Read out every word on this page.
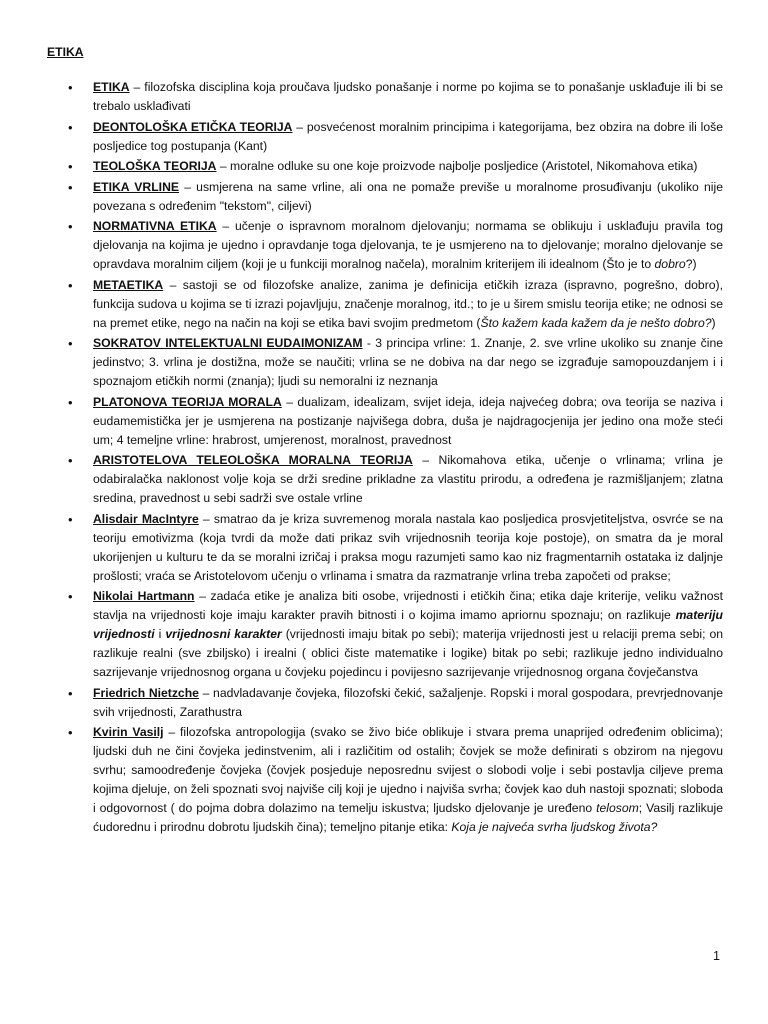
ETIKA
• ETIKA – filozofska disciplina koja proučava ljudsko ponašanje i norme po kojima se to ponašanje usklađuje ili bi se trebalo usklađivati
• DEONTOLOŠKA ETIČKA TEORIJA – posvećenost moralnim principima i kategorijama, bez obzira na dobre ili loše posljedice tog postupanja (Kant)
• TEOLOŠKA TEORIJA – moralne odluke su one koje proizvode najbolje posljedice (Aristotel, Nikomahova etika)
• ETIKA VRLINE – usmjerena na same vrline, ali ona ne pomaže previše u moralnome prosuđivanju (ukoliko nije povezana s određenim "tekstom", ciljevi)
• NORMATIVNA ETIKA – učenje o ispravnom moralnom djelovanju; normama se oblikuju i usklađuju pravila tog djelovanja na kojima je ujedno i opravdanje toga djelovanja, te je usmjereno na to djelovanje; moralno djelovanje se opravdava moralnim ciljem (koji je u funkciji moralnog načela), moralnim kriterijem ili idealnom (Što je to dobro?)
• METAETIKA – sastoji se od filozofske analize, zanima je definicija etičkih izraza (ispravno, pogrešno, dobro), funkcija sudova u kojima se ti izrazi pojavljuju, značenje moralnog, itd.; to je u širem smislu teorija etike; ne odnosi se na premet etike, nego na način na koji se etika bavi svojim predmetom (Što kažem kada kažem da je nešto dobro?)
• SOKRATOV INTELEKTUALNI EUDAIMONIZAM - 3 principa vrline: 1. Znanje, 2. sve vrline ukoliko su znanje čine jedinstvo; 3. vrlina je dostižna, može se naučiti; vrlina se ne dobiva na dar nego se izgrađuje samopouzdanjem i i spoznajom etičkih normi (znanja); ljudi su nemoralni iz neznanja
• PLATONOVA TEORIJA MORALA – dualizam, idealizam, svijet ideja, ideja najvećeg dobra; ova teorija se naziva i eudamemistička jer je usmjerena na postizanje najvišega dobra, duša je najdragocjenija jer jedino ona može steći um; 4 temeljne vrline: hrabrost, umjerenost, moralnost, pravednost
• ARISTOTELOVA TELEOLOŠKA MORALNA TEORIJA – Nikomahova etika, učenje o vrlinama; vrlina je odabiralačka naklonost volje koja se drži sredine prikladne za vlastitu prirodu, a određena je razmišljanjem; zlatna sredina, pravednost u sebi sadrži sve ostale vrline
• Alisdair MacIntyre – smatrao da je kriza suvremenog morala nastala kao posljedica prosvjetiteljstva, osvrće se na teoriju emotivizma (koja tvrdi da može dati prikaz svih vrijednosnih teorija koje postoje), on smatra da je moral ukorijenjen u kulturu te da se moralni izričaj i praksa mogu razumjeti samo kao niz fragmentarnih ostataka iz daljnje prošlosti; vraća se Aristotelovom učenju o vrlinama i smatra da razmatranje vrlina treba započeti od prakse;
• Nikolai Hartmann – zadaća etike je analiza biti osobe, vrijednosti i etičkih čina; etika daje kriterije, veliku važnost stavlja na vrijednosti koje imaju karakter pravih bitnosti i o kojima imamo apriornu spoznaju; on razlikuje materiju vrijednosti i vrijednosni karakter (vrijednosti imaju bitak po sebi); materija vrijednosti jest u relaciji prema sebi; on razlikuje realni (sve zbiljsko) i irealni ( oblici čiste matematike i logike) bitak po sebi; razlikuje jedno individualno sazrijevanje vrijednosnog organa u čovjeku pojedincu i povijesno sazrijevanje vrijednosnog organa čovječanstva
• Friedrich Nietzche – nadvladavanje čovjeka, filozofski čekić, sažaljenje. Ropski i moral gospodara, prevrjednovanje svih vrijednosti, Zarathustra
• Kvirin Vasilj – filozofska antropologija (svako se živo biće oblikuje i stvara prema unaprijed određenim oblicima); ljudski duh ne čini čovjeka jedinstvenim, ali i različitim od ostalih; čovjek se može definirati s obzirom na njegovu svrhu; samoodređenje čovjeka (čovjek posjeduje neposrednu svijest o slobodi volje i sebi postavlja ciljeve prema kojima djeluje, on želi spoznati svoj najviše cilj koji je ujedno i najviša svrha; čovjek kao duh nastoji spoznati; sloboda i odgovornost ( do pojma dobra dolazimo na temelju iskustva; ljudsko djelovanje je uređeno telosom; Vasilj razlikuje ćudorednu i prirodnu dobrotu ljudskih čina); temeljno pitanje etika: Koja je najveća svrha ljudskog života?
1
